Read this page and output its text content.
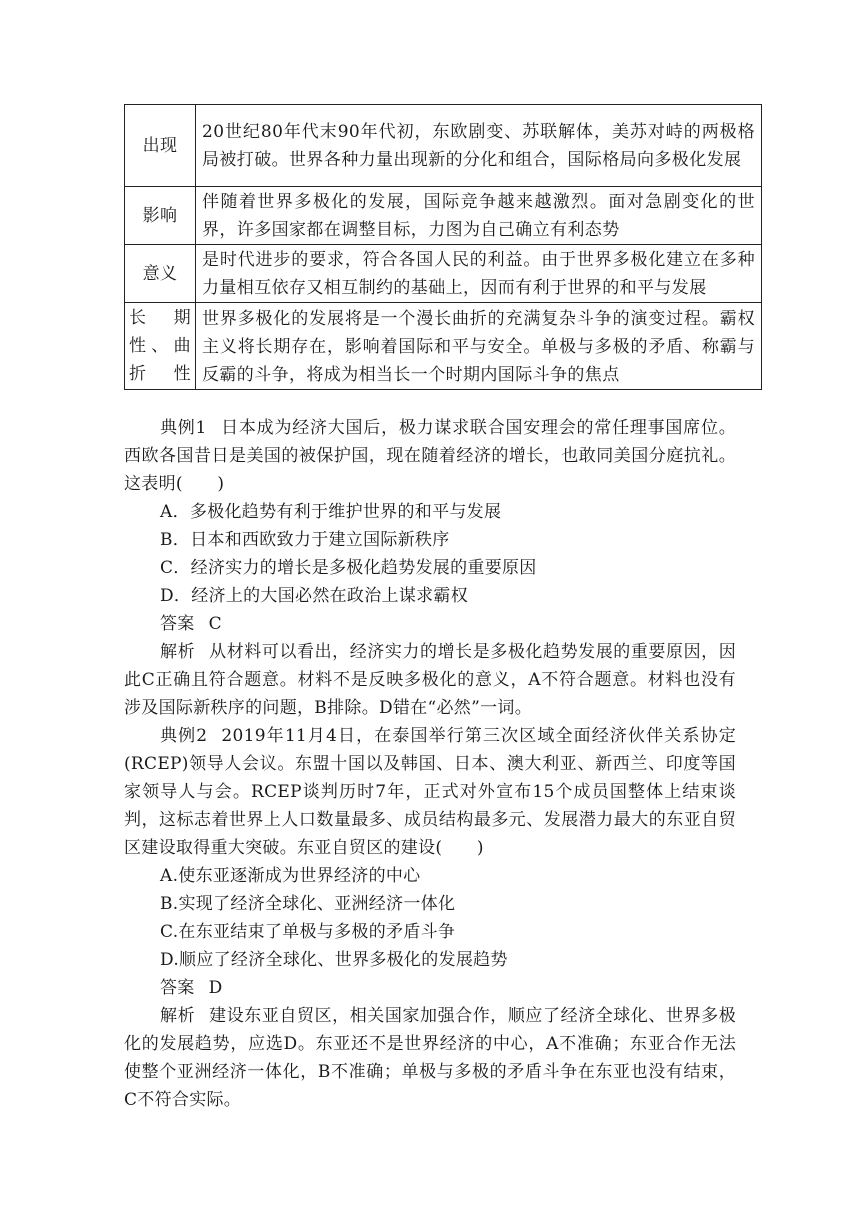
出现	20世纪80年代末90年代初，东欧剧变、苏联解体，美苏对峙的两极格局被打破。世界各种力量出现新的分化和组合，国际格局向多极化发展
影响	伴随着世界多极化的发展，国际竞争越来越激烈。面对急剧变化的世界，许多国家都在调整目标，力图为自己确立有利态势
意义	是时代进步的要求，符合各国人民的利益。由于世界多极化建立在多种力量相互依存又相互制约的基础上，因而有利于世界的和平与发展
长期性、曲折性	世界多极化的发展将是一个漫长曲折的充满复杂斗争的演变过程。霸权主义将长期存在，影响着国际和平与安全。单极与多极的矛盾、称霸与反霸的斗争，将成为相当长一个时期内国际斗争的焦点

典例1 日本成为经济大国后，极力谋求联合国安理会的常任理事国席位。西欧各国昔日是美国的被保护国，现在随着经济的增长，也敢同美国分庭抗礼。这表明(　　)

A．多极化趋势有利于维护世界的和平与发展

B．日本和西欧致力于建立国际新秩序

C．经济实力的增长是多极化趋势发展的重要原因

D．经济上的大国必然在政治上谋求霸权

答案 C

解析 从材料可以看出，经济实力的增长是多极化趋势发展的重要原因，因此C正确且符合题意。材料不是反映多极化的意义，A不符合题意。材料也没有涉及国际新秩序的问题，B排除。D错在“必然”一词。

典例2 2019年11月4日，在泰国举行第三次区域全面经济伙伴关系协定(RCEP)领导人会议。东盟十国以及韩国、日本、澳大利亚、新西兰、印度等国家领导人与会。RCEP谈判历时7年，正式对外宣布15个成员国整体上结束谈判，这标志着世界上人口数量最多、成员结构最多元、发展潜力最大的东亚自贸区建设取得重大突破。东亚自贸区的建设(　　)

A.使东亚逐渐成为世界经济的中心

B.实现了经济全球化、亚洲经济一体化

C.在东亚结束了单极与多极的矛盾斗争

D.顺应了经济全球化、世界多极化的发展趋势

答案 D

解析 建设东亚自贸区，相关国家加强合作，顺应了经济全球化、世界多极化的发展趋势，应选D。东亚还不是世界经济的中心，A不准确；东亚合作无法使整个亚洲经济一体化，B不准确；单极与多极的矛盾斗争在东亚也没有结束，C不符合实际。
